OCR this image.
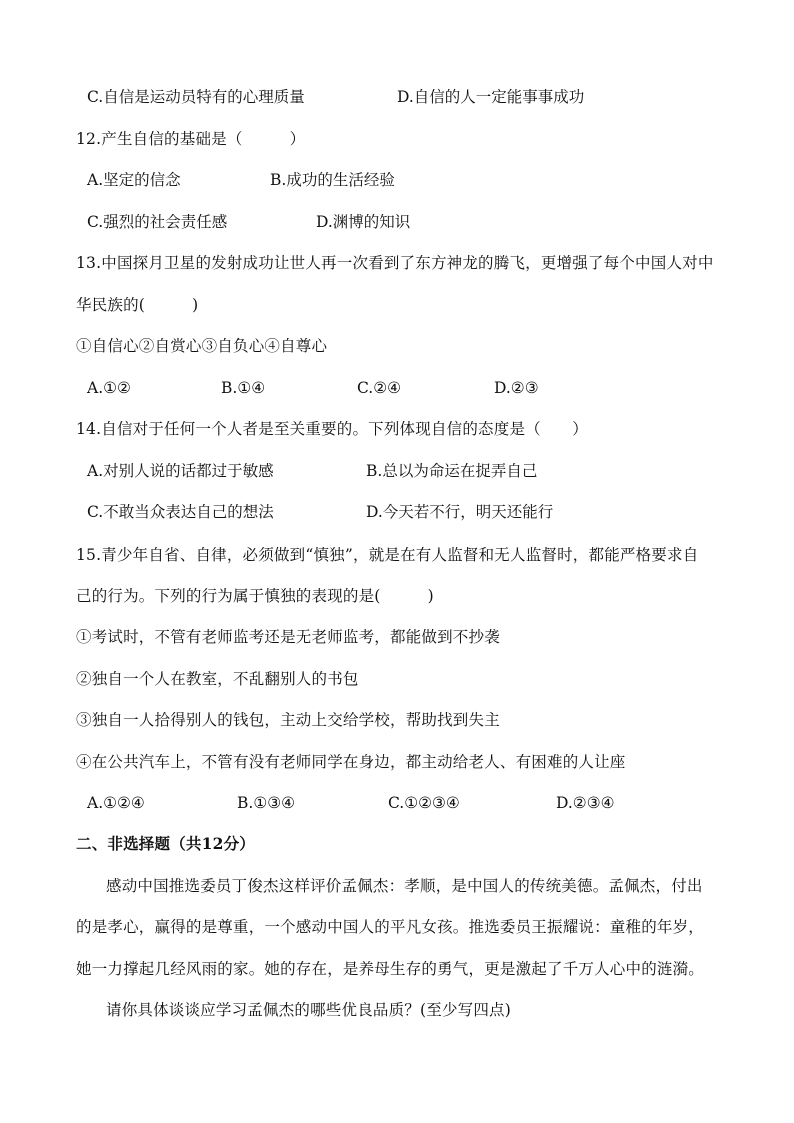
C.自信是运动员特有的心理质量	D.自信的人一定能事事成功
12.产生自信的基础是（　　　）
A.坚定的信念	B.成功的生活经验
C.强烈的社会责任感	D.渊博的知识
13.中国探月卫星的发射成功让世人再一次看到了东方神龙的腾飞，更增强了每个中国人对中
华民族的(　　　)
①自信心②自赏心③自负心④自尊心
A.①②	B.①④	C.②④	D.②③
14.自信对于任何一个人者是至关重要的。下列体现自信的态度是（　　）
A.对别人说的话都过于敏感	B.总以为命运在捉弄自己
C.不敢当众表达自己的想法	D.今天若不行，明天还能行
15.青少年自省、自律，必须做到“慎独”，就是在有人监督和无人监督时，都能严格要求自
己的行为。下列的行为属于慎独的表现的是(　　　)
①考试时，不管有老师监考还是无老师监考，都能做到不抄袭
②独自一个人在教室，不乱翻别人的书包
③独自一人拾得别人的钱包，主动上交给学校，帮助找到失主
④在公共汽车上，不管有没有老师同学在身边，都主动给老人、有困难的人让座
A.①②④	B.①③④	C.①②③④	D.②③④
二、非选择题（共12分）
感动中国推选委员丁俊杰这样评价孟佩杰：孝顺，是中国人的传统美德。孟佩杰，付出
的是孝心，赢得的是尊重，一个感动中国人的平凡女孩。推选委员王振耀说：童稚的年岁，
她一力撑起几经风雨的家。她的存在，是养母生存的勇气，更是激起了千万人心中的涟漪。
请你具体谈谈应学习孟佩杰的哪些优良品质？(至少写四点)
